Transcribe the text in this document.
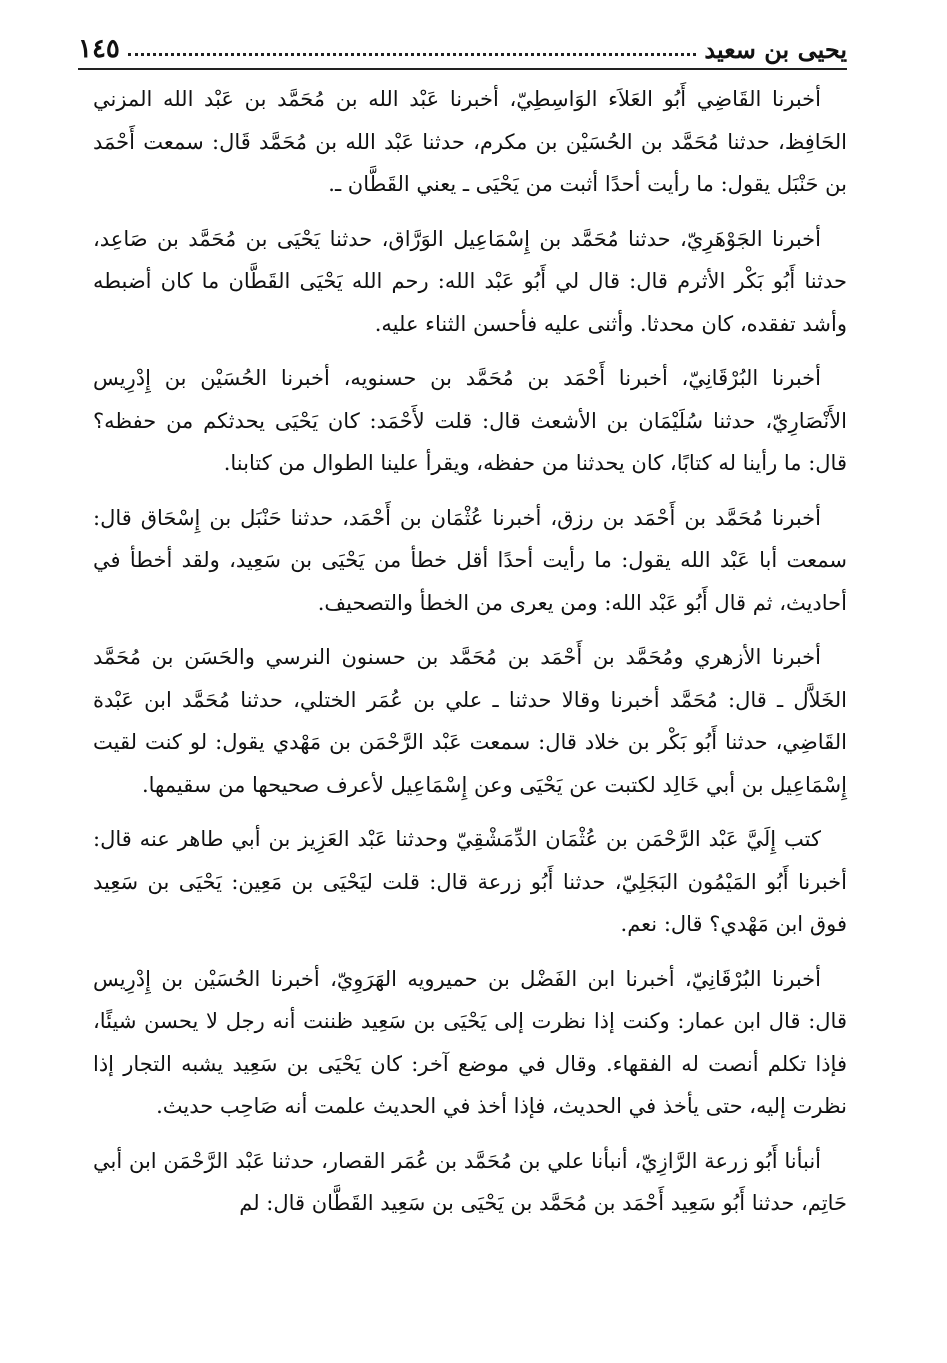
يحيى بن سعيد
١٤٥

أخبرنا القَاضِي أَبُو العَلاَء الوَاسِطِيّ، أخبرنا عَبْد الله بن مُحَمَّد بن عَبْد الله المزني الحَافِظ، حدثنا مُحَمَّد بن الحُسَيْن بن مكرم، حدثنا عَبْد الله بن مُحَمَّد قَال: سمعت أَحْمَد بن حَنْبَل يقول: ما رأيت أحدًا أثبت من يَحْيَى ـ يعني القَطَّان ـ.

أخبرنا الجَوْهَرِيّ، حدثنا مُحَمَّد بن إِسْمَاعِيل الوَرَّاق، حدثنا يَحْيَى بن مُحَمَّد بن صَاعِد، حدثنا أَبُو بَكْر الأثرم قال: قال لي أَبُو عَبْد الله: رحم الله يَحْيَى القَطَّان ما كان أضبطه وأشد تفقده، كان محدثا. وأثنى عليه فأحسن الثناء عليه.

أخبرنا البُرْقَانِيّ، أخبرنا أَحْمَد بن مُحَمَّد بن حسنويه، أخبرنا الحُسَيْن بن إِدْرِيس الأَنْصَارِيّ، حدثنا سُلَيْمَان بن الأشعث قال: قلت لأَحْمَد: كان يَحْيَى يحدثكم من حفظه؟ قال: ما رأينا له كتابًا، كان يحدثنا من حفظه، ويقرأ علينا الطوال من كتابنا.

أخبرنا مُحَمَّد بن أَحْمَد بن رزق، أخبرنا عُثْمَان بن أَحْمَد، حدثنا حَنْبَل بن إِسْحَاق قال: سمعت أبا عَبْد الله يقول: ما رأيت أحدًا أقل خطأ من يَحْيَى بن سَعِيد، ولقد أخطأ في أحاديث، ثم قال أَبُو عَبْد الله: ومن يعرى من الخطأ والتصحيف.

أخبرنا الأزهري ومُحَمَّد بن أَحْمَد بن مُحَمَّد بن حسنون النرسي والحَسَن بن مُحَمَّد الخَلاَّل ـ قال: مُحَمَّد أخبرنا وقالا حدثنا ـ علي بن عُمَر الختلي، حدثنا مُحَمَّد ابن عَبْدة القَاضِي، حدثنا أَبُو بَكْر بن خلاد قال: سمعت عَبْد الرَّحْمَن بن مَهْدي يقول: لو كنت لقيت إِسْمَاعِيل بن أبي خَالِد لكتبت عن يَحْيَى وعن إِسْمَاعِيل لأعرف صحيحها من سقيمها.

كتب إِلَيَّ عَبْد الرَّحْمَن بن عُثْمَان الدِّمَشْقِيّ وحدثنا عَبْد العَزِيز بن أبي طاهر عنه قال: أخبرنا أَبُو المَيْمُون البَجَلِيّ، حدثنا أَبُو زرعة قال: قلت ليَحْيَى بن مَعِين: يَحْيَى بن سَعِيد فوق ابن مَهْدي؟ قال: نعم.

أخبرنا البُرْقَانِيّ، أخبرنا ابن الفَضْل بن حميرويه الهَرَوِيّ، أخبرنا الحُسَيْن بن إِدْرِيس قال: قال ابن عمار: وكنت إذا نظرت إلى يَحْيَى بن سَعِيد ظننت أنه رجل لا يحسن شيئًا، فإذا تكلم أنصت له الفقهاء. وقال في موضع آخر: كان يَحْيَى بن سَعِيد يشبه التجار إذا نظرت إليه، حتى يأخذ في الحديث، فإذا أخذ في الحديث علمت أنه صَاحِب حديث.

أنبأنا أَبُو زرعة الرَّازِيّ، أنبأنا علي بن مُحَمَّد بن عُمَر القصار، حدثنا عَبْد الرَّحْمَن ابن أبي حَاتِم، حدثنا أَبُو سَعِيد أَحْمَد بن مُحَمَّد بن يَحْيَى بن سَعِيد القَطَّان قال: لم
